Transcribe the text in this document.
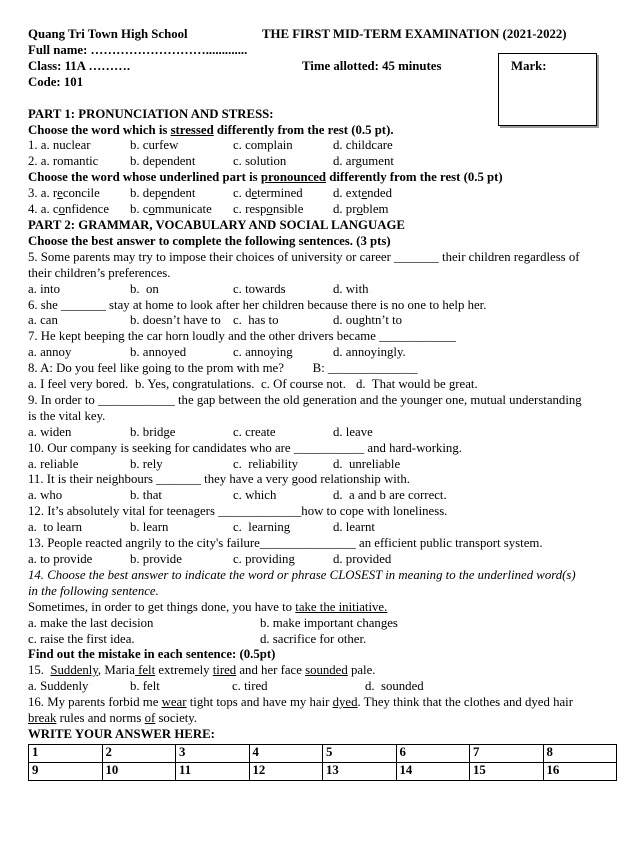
Quang Tri Town High School	THE FIRST MID-TERM EXAMINATION (2021-2022)
Full name: ……………………….............
Class: 11A ……….	Time allotted: 45 minutes
Code: 101
Mark:
PART 1: PRONUNCIATION AND STRESS:
Choose the word which is stressed differently from the rest (0.5 pt).
1. a. nuclear	b. curfew	c. complain	d. childcare
2. a. romantic	b. dependent	c. solution	d. argument
Choose the word whose underlined part is pronounced differently from the rest (0.5 pt)
3. a. reconcile	b. dependent	c. determined	d. extended
4. a. confidence	b. communicate	c. responsible	d. problem
PART 2: GRAMMAR, VOCABULARY AND SOCIAL LANGUAGE
Choose the best answer to complete the following sentences. (3 pts)
5. Some parents may try to impose their choices of university or career _______ their children regardless of
their children’s preferences.
a. into	b.  on	c. towards	d. with
6. she _______ stay at home to look after her children because there is no one to help her.
a. can	b. doesn’t have to c.  has to	d. oughtn’t to
7. He kept beeping the car horn loudly and the other drivers became ____________
a. annoy	b. annoyed	c. annoying	d. annoyingly.
8. A: Do you feel like going to the prom with me?         B: ______________
a. I feel very bored. b. Yes, congratulations. c. Of course not. d.  That would be great.
9. In order to ____________ the gap between the old generation and the younger one, mutual understanding
is the vital key.
a. widen	b. bridge	c. create	d. leave
10. Our company is seeking for candidates who are ___________ and hard-working.
a. reliable	b. rely	c.  reliability	d.  unreliable
11. It is their neighbours _______ they have a very good relationship with.
a. who	b. that	c. which	d.  a and b are correct.
12. It’s absolutely vital for teenagers _____________how to cope with loneliness.
a.  to learn	b. learn	c.  learning	d. learnt
13. People reacted angrily to the city's failure_______________ an efficient public transport system.
a. to provide	b. provide	c. providing	d. provided
14. Choose the best answer to indicate the word or phrase CLOSEST in meaning to the underlined word(s)
in the following sentence.
Sometimes, in order to get things done, you have to take the initiative.
a. make the last decision	b. make important changes
c. raise the first idea.	d. sacrifice for other.
Find out the mistake in each sentence: (0.5pt)
15.  Suddenly, Maria felt extremely tired and her face sounded pale.
a. Suddenly	b. felt	c. tired	d.  sounded
16. My parents forbid me wear tight tops and have my hair dyed. They think that the clothes and dyed hair
break rules and norms of society.
WRITE YOUR ANSWER HERE:
1	2	3	4	5	6	7	8
9	10	11	12	13	14	15	16
